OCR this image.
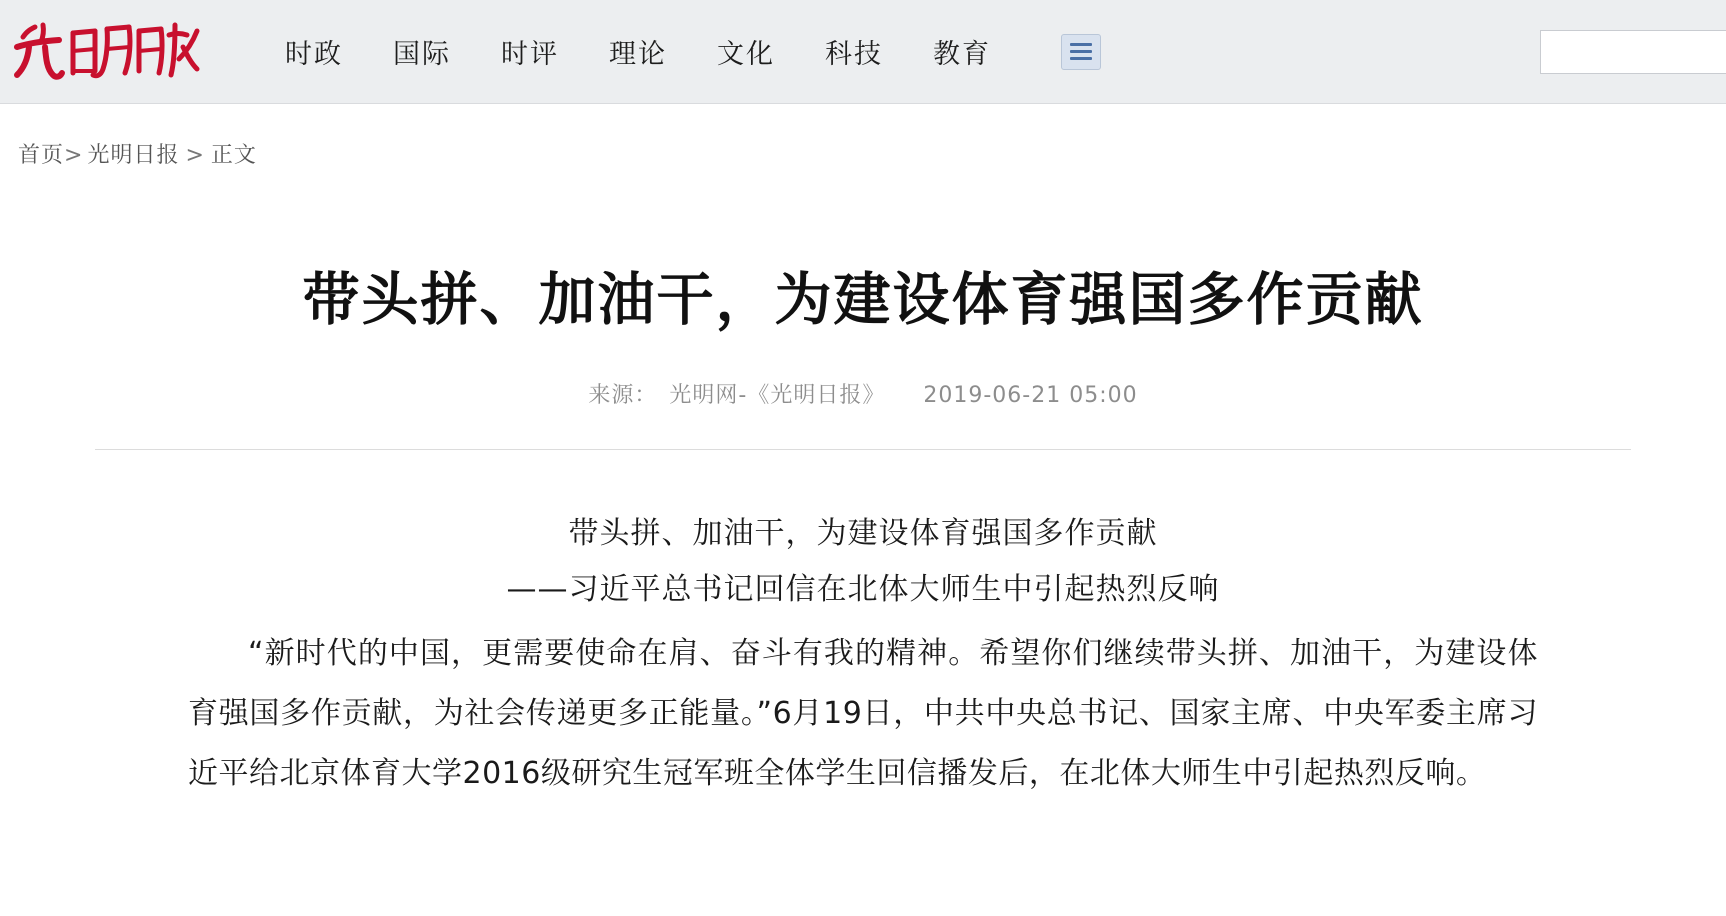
时政	国际	时评	理论	文化	科技	教育
首页 > 光明日报 > 正文
带头拼、加油干，为建设体育强国多作贡献
来源： 光明网-《光明日报》 2019-06-21 05:00
带头拼、加油干，为建设体育强国多作贡献
——习近平总书记回信在北体大师生中引起热烈反响
“新时代的中国，更需要使命在肩、奋斗有我的精神。希望你们继续带头拼、加油干，为建设体育强国多作贡献，为社会传递更多正能量。”6月19日，中共中央总书记、国家主席、中央军委主席习近平给北京体育大学2016级研究生冠军班全体学生回信播发后，在北体大师生中引起热烈反响。
